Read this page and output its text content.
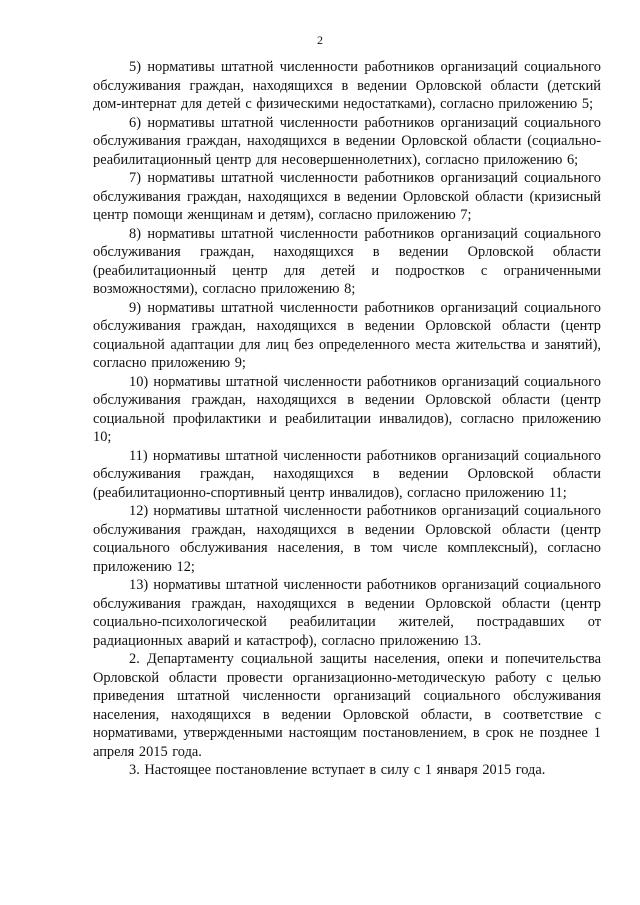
2

5) нормативы штатной численности работников организаций социального обслуживания граждан, находящихся в ведении Орловской области (детский дом-интернат для детей с физическими недостатками), согласно приложению 5;

6) нормативы штатной численности работников организаций социального обслуживания граждан, находящихся в ведении Орловской области (социально-реабилитационный центр для несовершеннолетних), согласно приложению 6;

7) нормативы штатной численности работников организаций социального обслуживания граждан, находящихся в ведении Орловской области (кризисный центр помощи женщинам и детям), согласно приложению 7;

8) нормативы штатной численности работников организаций социального обслуживания граждан, находящихся в ведении Орловской области (реабилитационный центр для детей и подростков с ограниченными возможностями), согласно приложению 8;

9) нормативы штатной численности работников организаций социального обслуживания граждан, находящихся в ведении Орловской области (центр социальной адаптации для лиц без определенного места жительства и занятий), согласно приложению 9;

10) нормативы штатной численности работников организаций социального обслуживания граждан, находящихся в ведении Орловской области (центр социальной профилактики и реабилитации инвалидов), согласно приложению 10;

11) нормативы штатной численности работников организаций социального обслуживания граждан, находящихся в ведении Орловской области (реабилитационно-спортивный центр инвалидов), согласно приложению 11;

12) нормативы штатной численности работников организаций социального обслуживания граждан, находящихся в ведении Орловской области (центр социального обслуживания населения, в том числе комплексный), согласно приложению 12;

13) нормативы штатной численности работников организаций социального обслуживания граждан, находящихся в ведении Орловской области (центр социально-психологической реабилитации жителей, пострадавших от радиационных аварий и катастроф), согласно приложению 13.

2. Департаменту социальной защиты населения, опеки и попечительства Орловской области провести организационно-методическую работу с целью приведения штатной численности организаций социального обслуживания населения, находящихся в ведении Орловской области, в соответствие с нормативами, утвержденными настоящим постановлением, в срок не позднее 1 апреля 2015 года.

3. Настоящее постановление вступает в силу с 1 января 2015 года.
